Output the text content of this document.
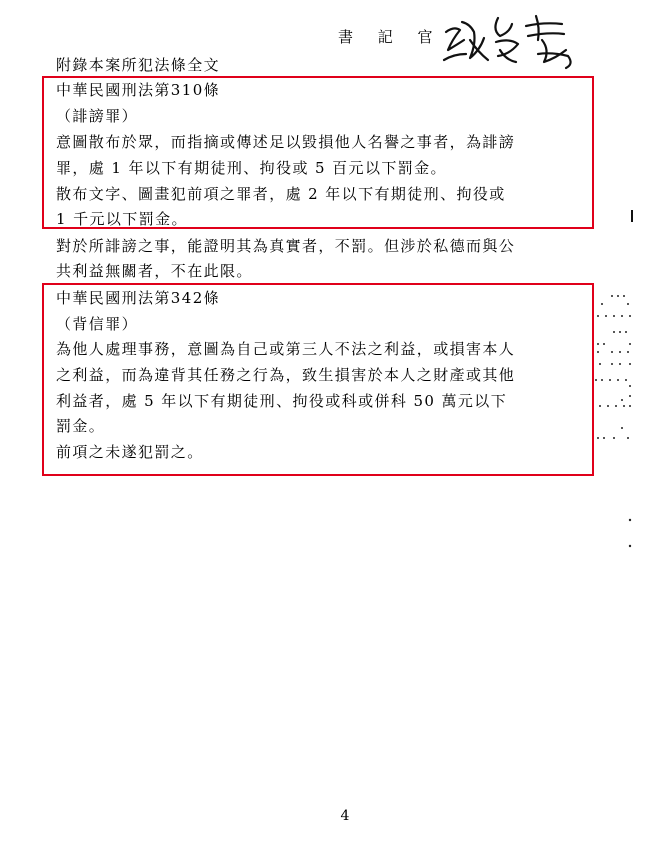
書 記 官
附錄本案所犯法條全文
中華民國刑法第310條
（誹謗罪）
意圖散布於眾，而指摘或傳述足以毀損他人名譽之事者，為誹謗
罪，處 1 年以下有期徒刑、拘役或 5 百元以下罰金。
散布文字、圖畫犯前項之罪者，處 2 年以下有期徒刑、拘役或
1 千元以下罰金。
對於所誹謗之事，能證明其為真實者，不罰。但涉於私德而與公
共利益無關者，不在此限。
中華民國刑法第342條
（背信罪）
為他人處理事務，意圖為自己或第三人不法之利益，或損害本人
之利益，而為違背其任務之行為，致生損害於本人之財產或其他
利益者，處 5 年以下有期徒刑、拘役或科或併科 50 萬元以下
罰金。
前項之未遂犯罰之。
4
